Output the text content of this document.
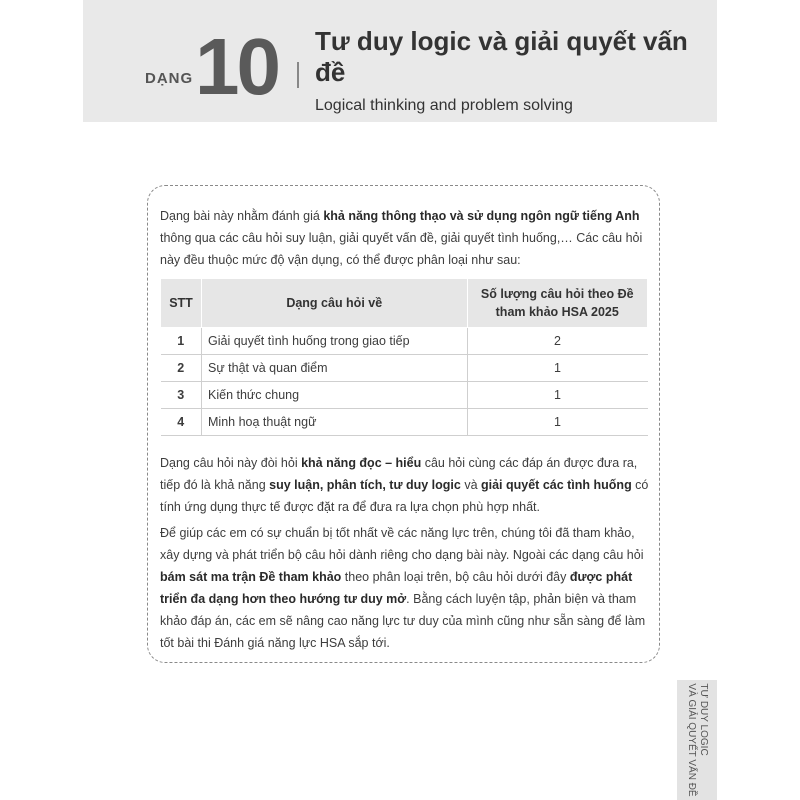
DẠNG 10 Tư duy logic và giải quyết vấn đề
Logical thinking and problem solving

Dạng bài này nhằm đánh giá khả năng thông thạo và sử dụng ngôn ngữ tiếng Anh thông qua các câu hỏi suy luận, giải quyết vấn đề, giải quyết tình huống,… Các câu hỏi này đều thuộc mức độ vận dụng, có thể được phân loại như sau:

STT	Dạng câu hỏi về	Số lượng câu hỏi theo Đề tham khảo HSA 2025
1	Giải quyết tình huống trong giao tiếp	2
2	Sự thật và quan điểm	1
3	Kiến thức chung	1
4	Minh hoạ thuật ngữ	1

Dạng câu hỏi này đòi hỏi khả năng đọc – hiểu câu hỏi cùng các đáp án được đưa ra, tiếp đó là khả năng suy luận, phân tích, tư duy logic và giải quyết các tình huống có tính ứng dụng thực tế được đặt ra để đưa ra lựa chọn phù hợp nhất.

Để giúp các em có sự chuẩn bị tốt nhất về các năng lực trên, chúng tôi đã tham khảo, xây dựng và phát triển bộ câu hỏi dành riêng cho dạng bài này. Ngoài các dạng câu hỏi bám sát ma trận Đề tham khảo theo phân loại trên, bộ câu hỏi dưới đây được phát triển đa dạng hơn theo hướng tư duy mở. Bằng cách luyện tập, phản biện và tham khảo đáp án, các em sẽ nâng cao năng lực tư duy của mình cũng như sẵn sàng để làm tốt bài thi Đánh giá năng lực HSA sắp tới.

TƯ DUY LOGIC
VÀ GIẢI QUYẾT VẤN ĐỀ
